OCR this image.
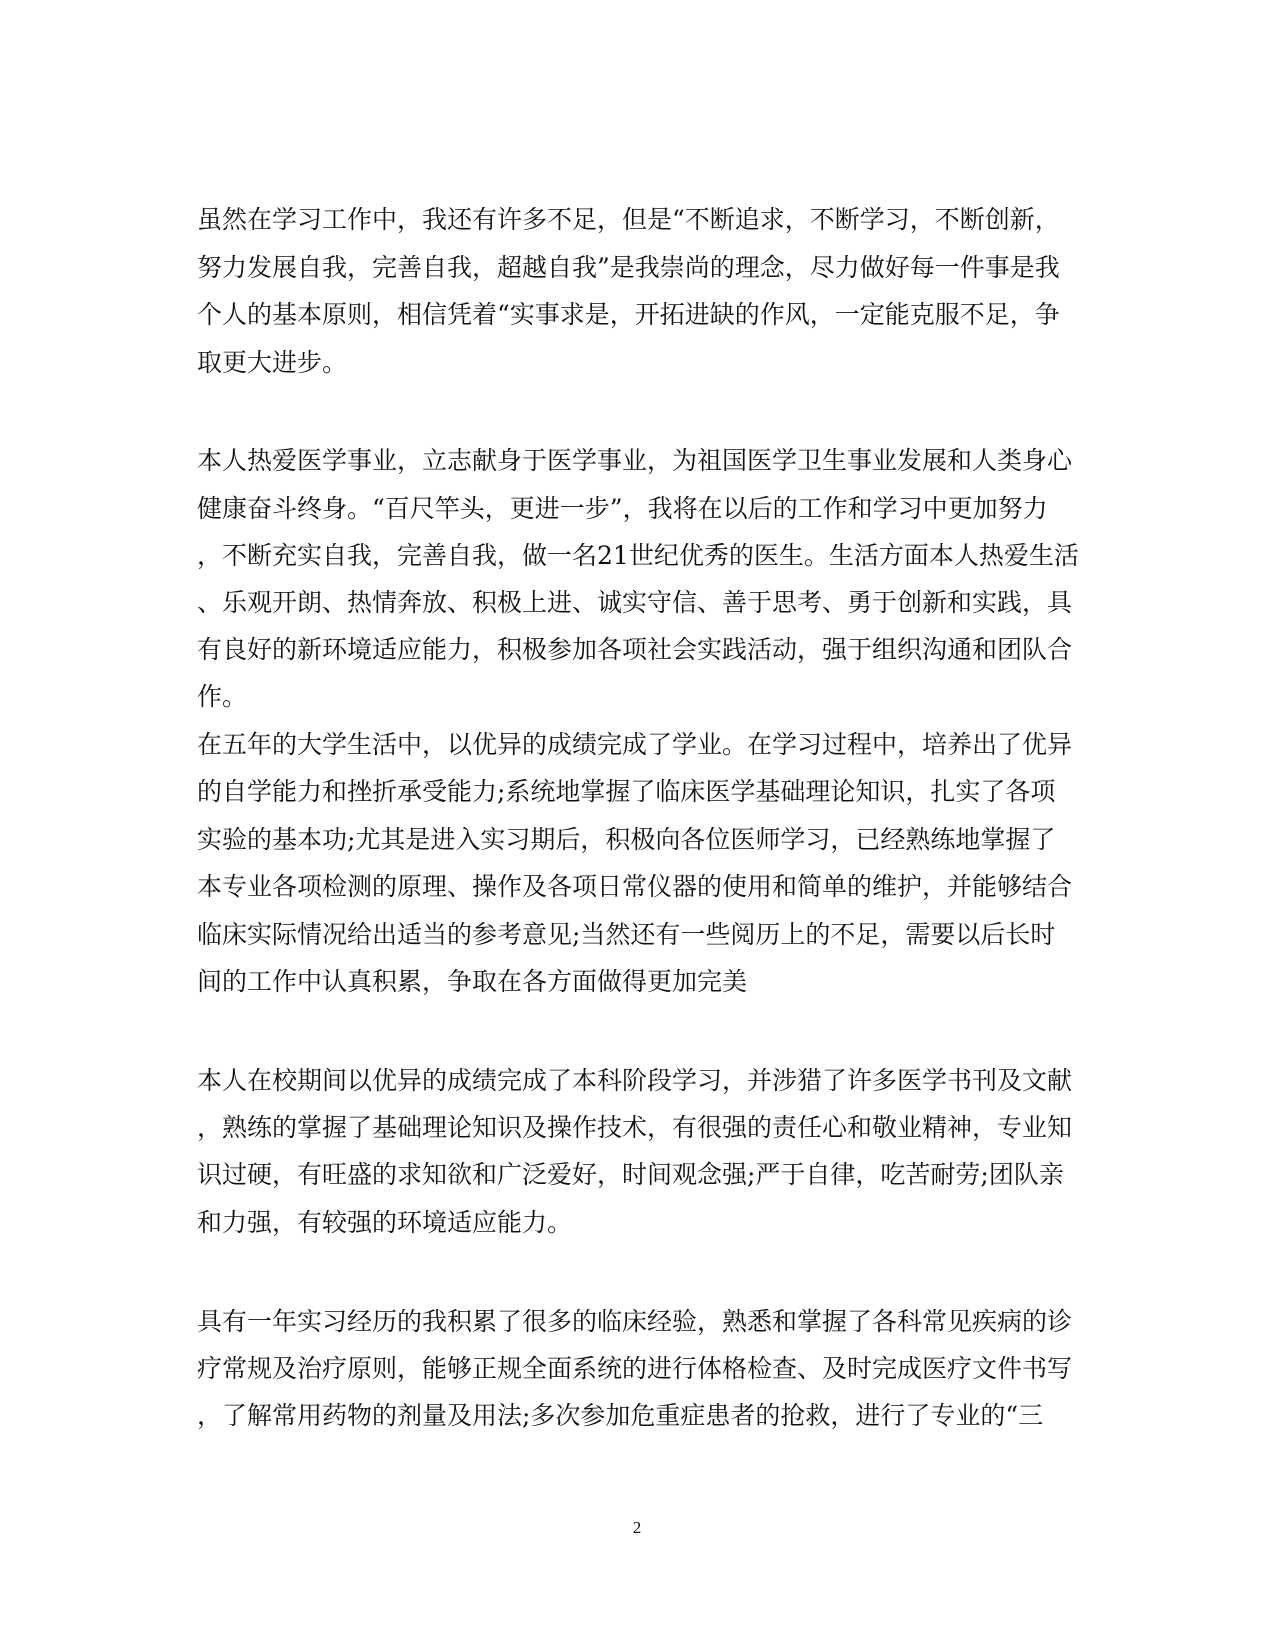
虽然在学习工作中，我还有许多不足，但是“不断追求，不断学习，不断创新，
努力发展自我，完善自我，超越自我”是我崇尚的理念，尽力做好每一件事是我
个人的基本原则，相信凭着“实事求是，开拓进缺的作风，一定能克服不足，争
取更大进步。
本人热爱医学事业，立志献身于医学事业，为祖国医学卫生事业发展和人类身心
健康奋斗终身。“百尺竿头，更进一步”，我将在以后的工作和学习中更加努力
，不断充实自我，完善自我，做一名21世纪优秀的医生。生活方面本人热爱生活
、乐观开朗、热情奔放、积极上进、诚实守信、善于思考、勇于创新和实践，具
有良好的新环境适应能力，积极参加各项社会实践活动，强于组织沟通和团队合
作。
在五年的大学生活中，以优异的成绩完成了学业。在学习过程中，培养出了优异
的自学能力和挫折承受能力;系统地掌握了临床医学基础理论知识，扎实了各项
实验的基本功;尤其是进入实习期后，积极向各位医师学习，已经熟练地掌握了
本专业各项检测的原理、操作及各项日常仪器的使用和简单的维护，并能够结合
临床实际情况给出适当的参考意见;当然还有一些阅历上的不足，需要以后长时
间的工作中认真积累，争取在各方面做得更加完美
本人在校期间以优异的成绩完成了本科阶段学习，并涉猎了许多医学书刊及文献
，熟练的掌握了基础理论知识及操作技术，有很强的责任心和敬业精神，专业知
识过硬，有旺盛的求知欲和广泛爱好，时间观念强;严于自律，吃苦耐劳;团队亲
和力强，有较强的环境适应能力。
具有一年实习经历的我积累了很多的临床经验，熟悉和掌握了各科常见疾病的诊
疗常规及治疗原则，能够正规全面系统的进行体格检查、及时完成医疗文件书写
，了解常用药物的剂量及用法;多次参加危重症患者的抢救，进行了专业的“三
2
